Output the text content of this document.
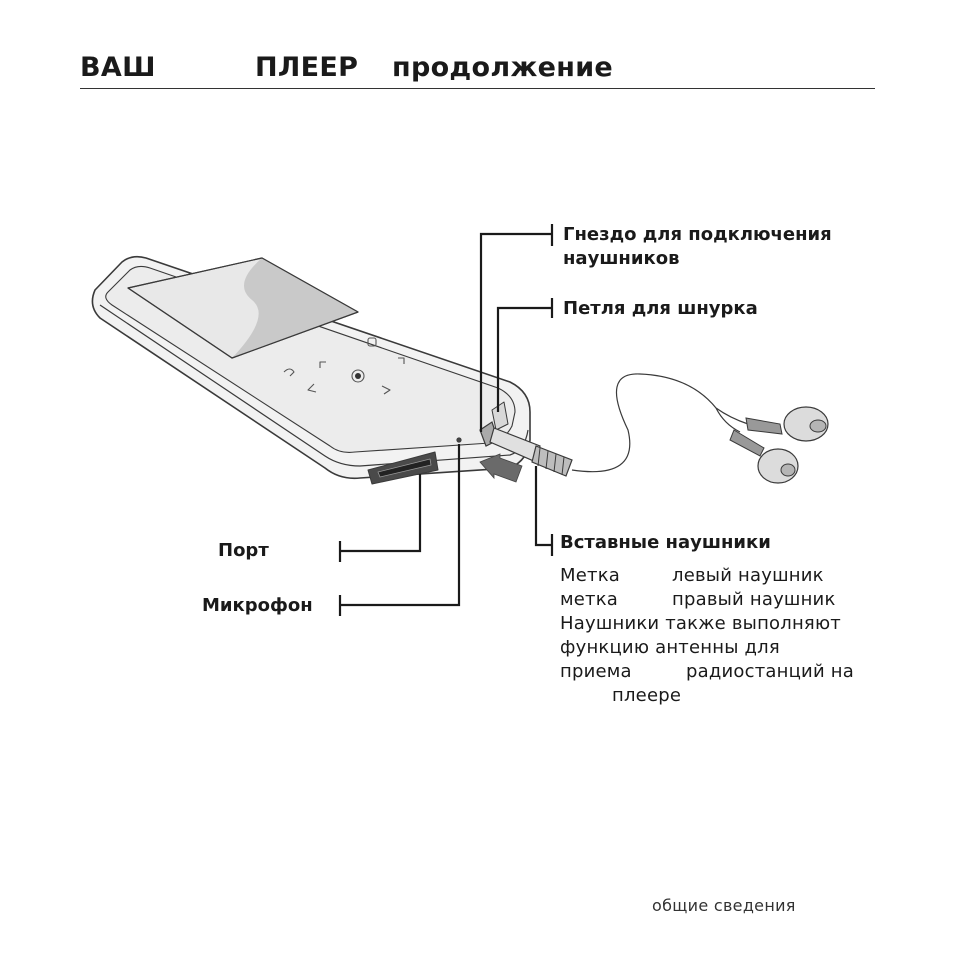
ВАШ	ПЛЕЕР продолжение
Гнездо для подключения
наушников
Петля для шнурка
Вставные наушники
Порт
Микрофон
Метка	левый наушник
метка	правый наушник
Наушники также выполняют
функцию антенны для
приема	радиостанций на
плеере
общие сведения
